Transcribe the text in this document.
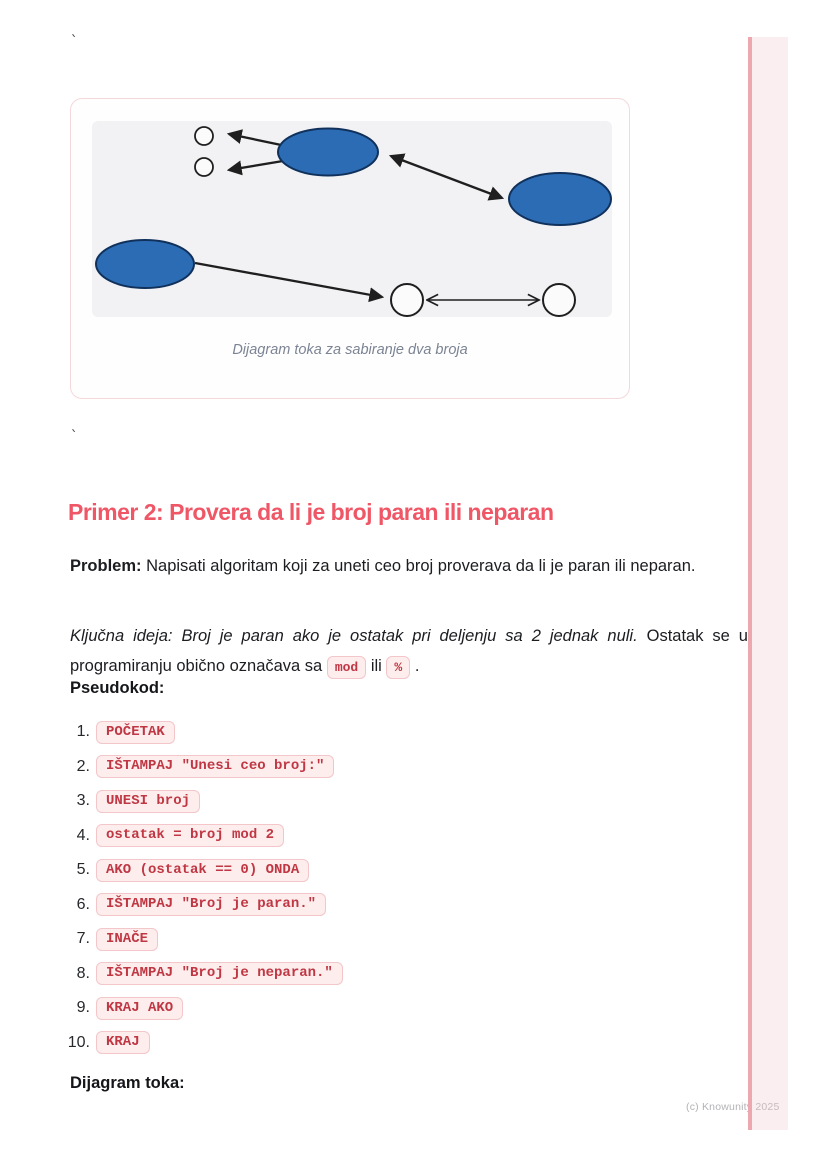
`
Dijagram toka za sabiranje dva broja
`
Primer 2: Provera da li je broj paran ili neparan

Problem: Napisati algoritam koji za uneti ceo broj proverava da li je paran ili neparan.

Ključna ideja: Broj je paran ako je ostatak pri deljenju sa 2 jednak nuli. Ostatak se u programiranju obično označava sa mod ili % .

Pseudokod:
1.	POČETAK
2.	IŠTAMPAJ "Unesi ceo broj:"
3.	UNESI broj
4.	ostatak = broj mod 2
5.	AKO (ostatak == 0) ONDA
6.	IŠTAMPAJ "Broj je paran."
7.	INAČE
8.	IŠTAMPAJ "Broj je neparan."
9.	KRAJ AKO
10.	KRAJ
Dijagram toka:
(c) Knowunity 2025
